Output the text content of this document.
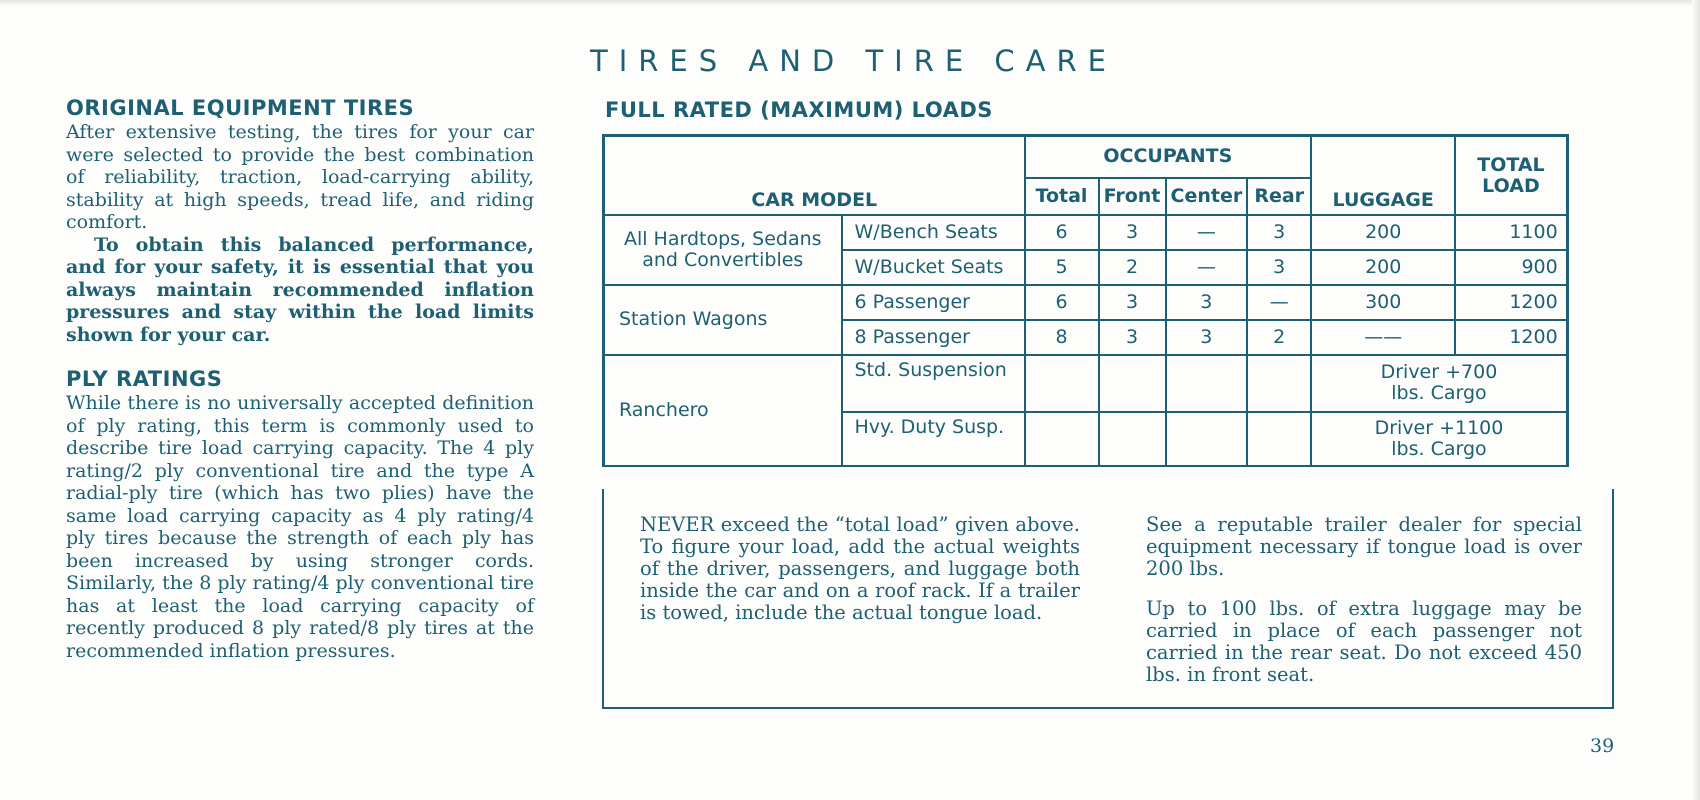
TIRES AND TIRE CARE
ORIGINAL EQUIPMENT TIRES

After extensive testing, the tires for your car were selected to provide the best combination of reliability, traction, load-carrying ability, stability at high speeds, tread life, and riding comfort.

To obtain this balanced performance, and for your safety, it is essential that you always maintain recommended inflation pressures and stay within the load limits shown for your car.

PLY RATINGS

While there is no universally accepted definition of ply rating, this term is commonly used to describe tire load carrying capacity. The 4 ply rating/2 ply conventional tire and the type A radial-ply tire (which has two plies) have the same load carrying capacity as 4 ply rating/4 ply tires because the strength of each ply has been increased by using stronger cords. Similarly, the 8 ply rating/4 ply conventional tire has at least the load carrying capacity of recently produced 8 ply rated/8 ply tires at the recommended inflation pressures.

FULL RATED (MAXIMUM) LOADS
CAR MODEL		OCCUPANTS				LUGGAGE	TOTAL LOAD
		Total	Front	Center	Rear		
All Hardtops, Sedans and Convertibles	W/Bench Seats	6	3	—	3	200	1100
	W/Bucket Seats	5	2	—	3	200	900
Station Wagons	6 Passenger	6	3	3	—	300	1200
	8 Passenger	8	3	3	2	——	1200
Ranchero	Std. Suspension					Driver +700 lbs. Cargo	
	Hvy. Duty Susp.					Driver +1100 lbs. Cargo	
NEVER exceed the “total load” given above. To figure your load, add the actual weights of the driver, passengers, and luggage both inside the car and on a roof rack. If a trailer is towed, include the actual tongue load.
See a reputable trailer dealer for special equipment necessary if tongue load is over 200 lbs.
Up to 100 lbs. of extra luggage may be carried in place of each passenger not carried in the rear seat. Do not exceed 450 lbs. in front seat.
39
